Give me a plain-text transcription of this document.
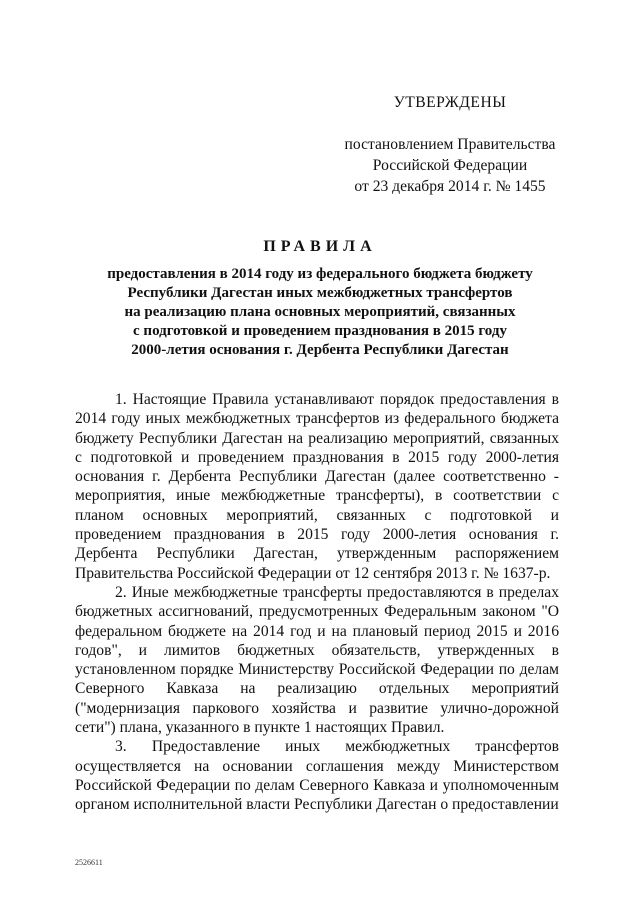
УТВЕРЖДЕНЫ
постановлением Правительства
Российской Федерации
от 23 декабря 2014 г. № 1455
ПРАВИЛА
предоставления в 2014 году из федерального бюджета бюджету
Республики Дагестан иных межбюджетных трансфертов
на реализацию плана основных мероприятий, связанных
с подготовкой и проведением празднования в 2015 году
2000-летия основания г. Дербента Республики Дагестан

1. Настоящие Правила устанавливают порядок предоставления в 2014 году иных межбюджетных трансфертов из федерального бюджета бюджету Республики Дагестан на реализацию мероприятий, связанных с подготовкой и проведением празднования в 2015 году 2000-летия основания г. Дербента Республики Дагестан (далее соответственно - мероприятия, иные межбюджетные трансферты), в соответствии с планом основных мероприятий, связанных с подготовкой и проведением празднования в 2015 году 2000-летия основания г. Дербента Республики Дагестан, утвержденным распоряжением Правительства Российской Федерации от 12 сентября 2013 г. № 1637-р.

2. Иные межбюджетные трансферты предоставляются в пределах бюджетных ассигнований, предусмотренных Федеральным законом "О федеральном бюджете на 2014 год и на плановый период 2015 и 2016 годов", и лимитов бюджетных обязательств, утвержденных в установленном порядке Министерству Российской Федерации по делам Северного Кавказа на реализацию отдельных мероприятий ("модернизация паркового хозяйства и развитие улично-дорожной сети") плана, указанного в пункте 1 настоящих Правил.

3. Предоставление иных межбюджетных трансфертов осуществляется на основании соглашения между Министерством Российской Федерации по делам Северного Кавказа и уполномоченным органом исполнительной власти Республики Дагестан о предоставлении

2526611
